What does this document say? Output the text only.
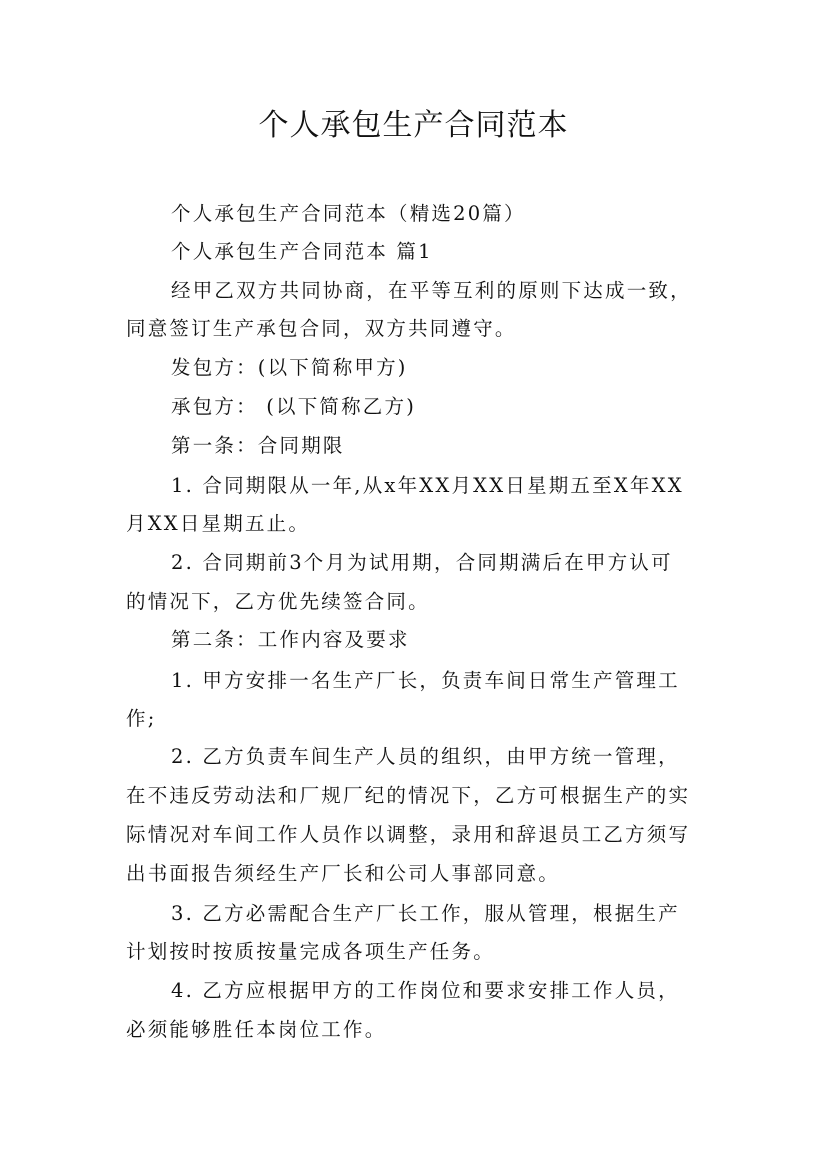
个人承包生产合同范本
个人承包生产合同范本（精选20篇）
个人承包生产合同范本 篇1
经甲乙双方共同协商，在平等互利的原则下达成一致，
同意签订生产承包合同，双方共同遵守。
发包方：(以下简称甲方)
承包方： (以下简称乙方)
第一条：合同期限
1. 合同期限从一年,从x年XX月XX日星期五至X年XX
月XX日星期五止。
2. 合同期前3个月为试用期，合同期满后在甲方认可
的情况下，乙方优先续签合同。
第二条：工作内容及要求
1. 甲方安排一名生产厂长，负责车间日常生产管理工
作;
2. 乙方负责车间生产人员的组织，由甲方统一管理，
在不违反劳动法和厂规厂纪的情况下，乙方可根据生产的实
际情况对车间工作人员作以调整，录用和辞退员工乙方须写
出书面报告须经生产厂长和公司人事部同意。
3. 乙方必需配合生产厂长工作，服从管理，根据生产
计划按时按质按量完成各项生产任务。
4. 乙方应根据甲方的工作岗位和要求安排工作人员，
必须能够胜任本岗位工作。
